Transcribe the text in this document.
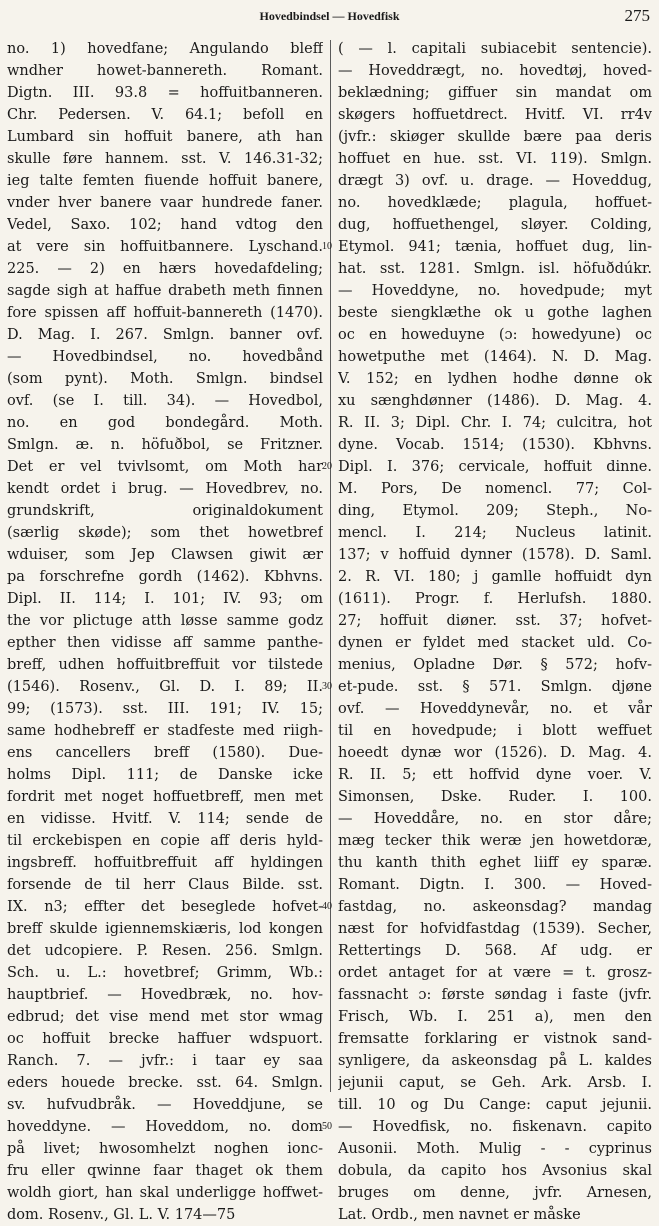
Hovedbindsel — Hovedfisk	275
no. 1) hovedfane; Angulando bleff
wndher howet-bannereth. Romant.
Digtn. III. 93.8 = hoffuitbanneren.
Chr. Pedersen. V. 64.1; befoll en
Lumbard sin hoffuit banere, ath han
skulle føre hannem. sst. V. 146.31-32;
ieg talte femten fiuende hoffuit banere,
vnder hver banere vaar hundrede faner.
Vedel, Saxo. 102; hand vdtog den
at vere sin hoffuitbannere. Lyschand.
225. — 2) en hærs hovedafdeling;
sagde sigh at haffue drabeth meth finnen
fore spissen aff hoffuit-bannereth (1470).
D. Mag. I. 267. Smlgn. banner ovf.
— Hovedbindsel, no. hovedbånd
(som pynt). Moth. Smlgn. bindsel
ovf. (se I. till. 34). — Hovedbol,
no. en god bondegård. Moth.
Smlgn. æ. n. höfuðbol, se Fritzner.
Det er vel tvivlsomt, om Moth har
kendt ordet i brug. — Hovedbrev, no.
grundskrift, originaldokument
(særlig skøde); som thet howetbref
wduiser, som Jep Clawsen giwit ær
pa forschrefne gordh (1462). Kbhvns.
Dipl. II. 114; I. 101; IV. 93; om
the vor plictuge atth løsse samme godz
epther then vidisse aff samme panthe-
breff, udhen hoffuitbreffuit vor tilstede
(1546). Rosenv., Gl. D. I. 89; II.
99; (1573). sst. III. 191; IV. 15;
same hodhebreff er stadfeste med riigh-
ens cancellers breff (1580). Due-
holms Dipl. 111; de Danske icke
fordrit met noget hoffuetbreff, men met
en vidisse. Hvitf. V. 114; sende de
til erckebispen en copie aff deris hyld-
ingsbreff. hoffuitbreffuit aff hyldingen
forsende de til herr Claus Bilde. sst.
IX. n3; effter det beseglede hofvet-
breff skulde igiennemskiæris, lod kongen
det udcopiere. P. Resen. 256. Smlgn.
Sch. u. L.: hovetbref; Grimm, Wb.:
hauptbrief. — Hovedbræk, no. hov-
edbrud; det vise mend met stor wmag
oc hoffuit brecke haffuer wdspuort.
Ranch. 7. — jvfr.: i taar ey saa
eders houede brecke. sst. 64. Smlgn.
sv. hufvudbråk. — Hoveddjune, se
hoveddyne. — Hoveddom, no. dom
på livet; hwosomhelzt noghen ionc-
fru eller qwinne faar thaget ok them
woldh giort, han skal underligge hoffwet-
dom. Rosenv., Gl. L. V. 174—75
( — l. capitali subiacebit sentencie).
— Hoveddrægt, no. hovedtøj, hoved-
beklædning; giffuer sin mandat om
skøgers hoffuetdrect. Hvitf. VI. rr4v
(jvfr.: skiøger skullde bære paa deris
hoffuet en hue. sst. VI. 119). Smlgn.
drægt 3) ovf. u. drage. — Hoveddug,
no. hovedklæde; plagula, hoffuet-
dug, hoffuethengel, sløyer. Colding,
Etymol. 941; tænia, hoffuet dug, lin-
hat. sst. 1281. Smlgn. isl. höfuðdúkr.
— Hoveddyne, no. hovedpude; myt
beste siengklæthe ok u gothe laghen
oc en howeduyne (ɔ: howedyune) oc
howetputhe met (1464). N. D. Mag.
V. 152; en lydhen hodhe dønne ok
xu sænghdønner (1486). D. Mag. 4.
R. II. 3; Dipl. Chr. I. 74; culcitra, hot
dyne. Vocab. 1514; (1530). Kbhvns.
Dipl. I. 376; cervicale, hoffuit dinne.
M. Pors, De nomencl. 77; Col-
ding, Etymol. 209; Steph., No-
mencl. I. 214; Nucleus latinit.
137; v hoffuid dynner (1578). D. Saml.
2. R. VI. 180; j gamlle hoffuidt dyn
(1611). Progr. f. Herlufsh. 1880.
27; hoffuit diøner. sst. 37; hofvet-
dynen er fyldet med stacket uld. Co-
menius, Opladne Dør. § 572; hofv-
et-pude. sst. § 571. Smlgn. djøne
ovf. — Hoveddynevår, no. et vår
til en hovedpude; i blott weffuet
hoeedt dynæ wor (1526). D. Mag. 4.
R. II. 5; ett hoffvid dyne voer. V.
Simonsen, Dske. Ruder. I. 100.
— Hoveddåre, no. en stor dåre;
mæg tecker thik weræ jen howetdoræ,
thu kanth thith eghet liiff ey sparæ.
Romant. Digtn. I. 300. — Hoved-
fastdag, no. askeonsdag? mandag
næst for hofvidfastdag (1539). Secher,
Rettertings D. 568. Af udg. er
ordet antaget for at være = t. grosz-
fassnacht ɔ: første søndag i faste (jvfr.
Frisch, Wb. I. 251 a), men den
fremsatte forklaring er vistnok sand-
synligere, da askeonsdag på L. kaldes
jejunii caput, se Geh. Ark. Arsb. I.
till. 10 og Du Cange: caput jejunii.
— Hovedfisk, no. fiskenavn. capito
Ausonii. Moth. Mulig - - cyprinus
dobula, da capito hos Avsonius skal
bruges om denne, jvfr. Arnesen,
Lat. Ordb., men navnet er måske
10
20
30
40
50
